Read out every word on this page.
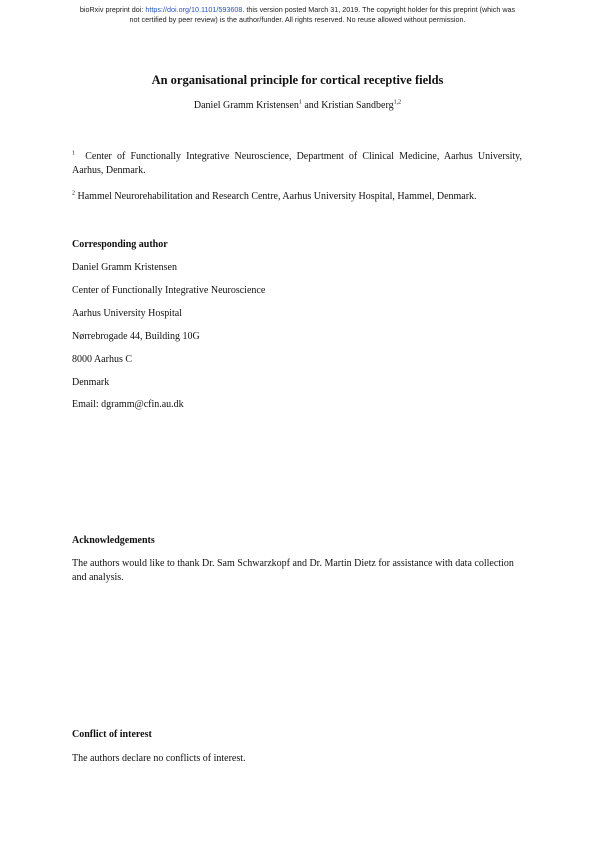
bioRxiv preprint doi: https://doi.org/10.1101/593608. this version posted March 31, 2019. The copyright holder for this preprint (which was
not certified by peer review) is the author/funder. All rights reserved. No reuse allowed without permission.
An organisational principle for cortical receptive fields
Daniel Gramm Kristensen$^1$ and Kristian Sandberg$^{1,2}$
$^1$ Center of Functionally Integrative Neuroscience, Department of Clinical Medicine, Aarhus University, Aarhus, Denmark.
$^2$ Hammel Neurorehabilitation and Research Centre, Aarhus University Hospital, Hammel, Denmark.
Corresponding author
Daniel Gramm Kristensen
Center of Functionally Integrative Neuroscience
Aarhus University Hospital
Nørrebrogade 44, Building 10G
8000 Aarhus C
Denmark
Email: dgramm@cfin.au.dk
Acknowledgements
The authors would like to thank Dr. Sam Schwarzkopf and Dr. Martin Dietz for assistance with data collection and analysis.
Conflict of interest
The authors declare no conflicts of interest.
